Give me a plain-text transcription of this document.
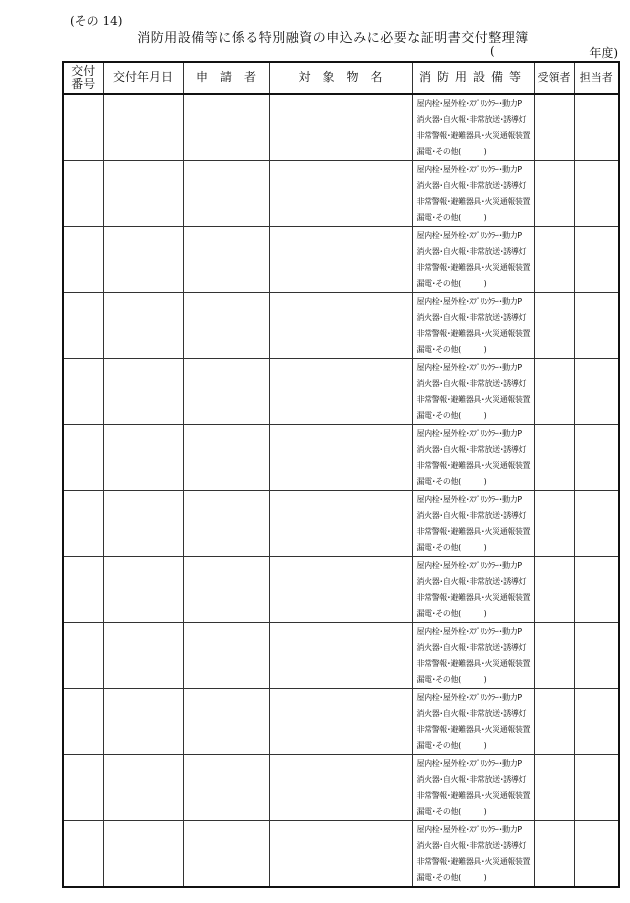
(その 14)
消防用設備等に係る特別融資の申込みに必要な証明書交付整理簿
(	年度)
交付番号	交付年月日	申　請　者	対　象　物　名	消防用設備等	受領者	担当者

				屋内栓･屋外栓･ｽﾌﾟﾘﾝｸﾗｰ･動力P
消火器･自火報･非常放送･誘導灯
非常警報･避難器具･火災通報装置
漏電･その他(　　　)		

				屋内栓･屋外栓･ｽﾌﾟﾘﾝｸﾗｰ･動力P
消火器･自火報･非常放送･誘導灯
非常警報･避難器具･火災通報装置
漏電･その他(　　　)		

				屋内栓･屋外栓･ｽﾌﾟﾘﾝｸﾗｰ･動力P
消火器･自火報･非常放送･誘導灯
非常警報･避難器具･火災通報装置
漏電･その他(　　　)		

				屋内栓･屋外栓･ｽﾌﾟﾘﾝｸﾗｰ･動力P
消火器･自火報･非常放送･誘導灯
非常警報･避難器具･火災通報装置
漏電･その他(　　　)		

				屋内栓･屋外栓･ｽﾌﾟﾘﾝｸﾗｰ･動力P
消火器･自火報･非常放送･誘導灯
非常警報･避難器具･火災通報装置
漏電･その他(　　　)		

				屋内栓･屋外栓･ｽﾌﾟﾘﾝｸﾗｰ･動力P
消火器･自火報･非常放送･誘導灯
非常警報･避難器具･火災通報装置
漏電･その他(　　　)		

				屋内栓･屋外栓･ｽﾌﾟﾘﾝｸﾗｰ･動力P
消火器･自火報･非常放送･誘導灯
非常警報･避難器具･火災通報装置
漏電･その他(　　　)		

				屋内栓･屋外栓･ｽﾌﾟﾘﾝｸﾗｰ･動力P
消火器･自火報･非常放送･誘導灯
非常警報･避難器具･火災通報装置
漏電･その他(　　　)		

				屋内栓･屋外栓･ｽﾌﾟﾘﾝｸﾗｰ･動力P
消火器･自火報･非常放送･誘導灯
非常警報･避難器具･火災通報装置
漏電･その他(　　　)		

				屋内栓･屋外栓･ｽﾌﾟﾘﾝｸﾗｰ･動力P
消火器･自火報･非常放送･誘導灯
非常警報･避難器具･火災通報装置
漏電･その他(　　　)		

				屋内栓･屋外栓･ｽﾌﾟﾘﾝｸﾗｰ･動力P
消火器･自火報･非常放送･誘導灯
非常警報･避難器具･火災通報装置
漏電･その他(　　　)		

				屋内栓･屋外栓･ｽﾌﾟﾘﾝｸﾗｰ･動力P
消火器･自火報･非常放送･誘導灯
非常警報･避難器具･火災通報装置
漏電･その他(　　　)		
